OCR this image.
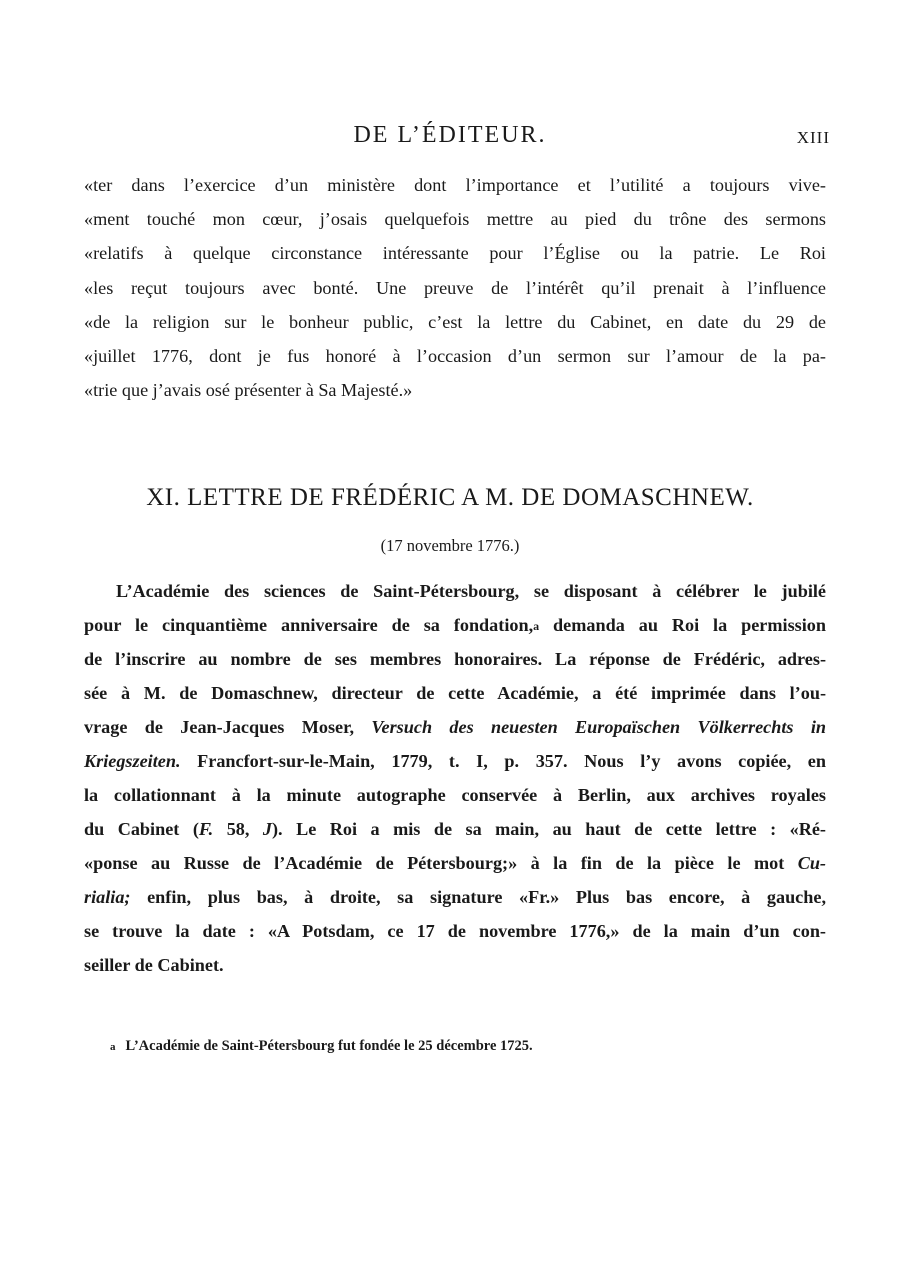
DE L’ÉDITEUR.	XIII
«ter dans l’exercice d’un ministère dont l’importance et l’utilité a toujours vive-
«ment touché mon cœur, j’osais quelquefois mettre au pied du trône des sermons
«relatifs à quelque circonstance intéressante pour l’Église ou la patrie. Le Roi
«les reçut toujours avec bonté. Une preuve de l’intérêt qu’il prenait à l’influence
«de la religion sur le bonheur public, c’est la lettre du Cabinet, en date du 29 de
«juillet 1776, dont je fus honoré à l’occasion d’un sermon sur l’amour de la pa-
«trie que j’avais osé présenter à Sa Majesté.»
XI. LETTRE DE FRÉDÉRIC A M. DE DOMASCHNEW.
(17 novembre 1776.)
L’Académie des sciences de Saint-Pétersbourg, se disposant à célébrer le jubilé
pour le cinquantième anniversaire de sa fondation,$^a$ demanda au Roi la permission
de l’inscrire au nombre de ses membres honoraires. La réponse de Frédéric, adres-
sée à M. de Domaschnew, directeur de cette Académie, a été imprimée dans l’ou-
vrage de Jean-Jacques Moser, Versuch des neuesten Europaïschen Völkerrechts in
Kriegszeiten. Francfort-sur-le-Main, 1779, t. I, p. 357. Nous l’y avons copiée, en
la collationnant à la minute autographe conservée à Berlin, aux archives royales
du Cabinet (F. 58, J). Le Roi a mis de sa main, au haut de cette lettre : «Ré-
«ponse au Russe de l’Académie de Pétersbourg;» à la fin de la pièce le mot Cu-
rialia; enfin, plus bas, à droite, sa signature «Fr.» Plus bas encore, à gauche,
se trouve la date : «A Potsdam, ce 17 de novembre 1776,» de la main d’un con-
seiller de Cabinet.
a L’Académie de Saint-Pétersbourg fut fondée le 25 décembre 1725.
